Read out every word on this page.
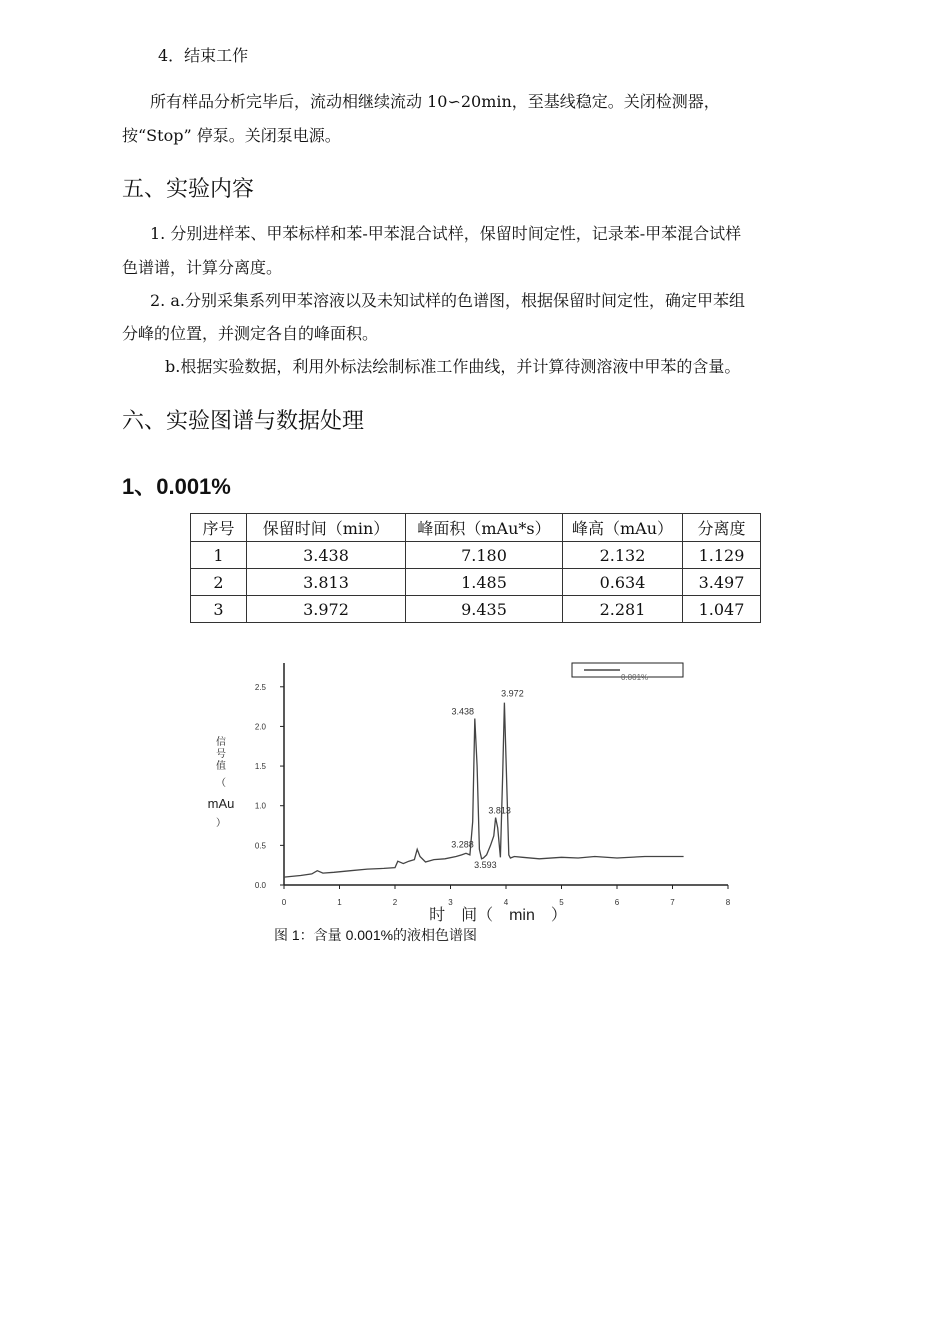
4．结束工作
所有样品分析完毕后，流动相继续流动 10∽20min，至基线稳定。关闭检测器，
按“Stop” 停泵。关闭泵电源。
五、实验内容
1. 分别进样苯、甲苯标样和苯-甲苯混合试样，保留时间定性，记录苯-甲苯混合试样
色谱谱，计算分离度。
2. a.分别采集系列甲苯溶液以及未知试样的色谱图，根据保留时间定性，确定甲苯组
分峰的位置，并测定各自的峰面积。
b.根据实验数据，利用外标法绘制标准工作曲线，并计算待测溶液中甲苯的含量。
六、实验图谱与数据处理
1、0.001%
序号	保留时间（min）	峰面积（mAu*s）	峰高（mAu）	分离度
1	3.438	7.180	2.132	1.129
2	3.813	1.485	0.634	3.497
3	3.972	9.435	2.281	1.047
0	1	2	3	4	5	6	7	8
0.0
0.5
1.0
1.5
2.0
2.5
信
号
值
（
mAu
）
时　间（　min　）
3.438
3.972
3.813
3.288
3.593
0.001%
图 1：含量 0.001%的液相色谱图
